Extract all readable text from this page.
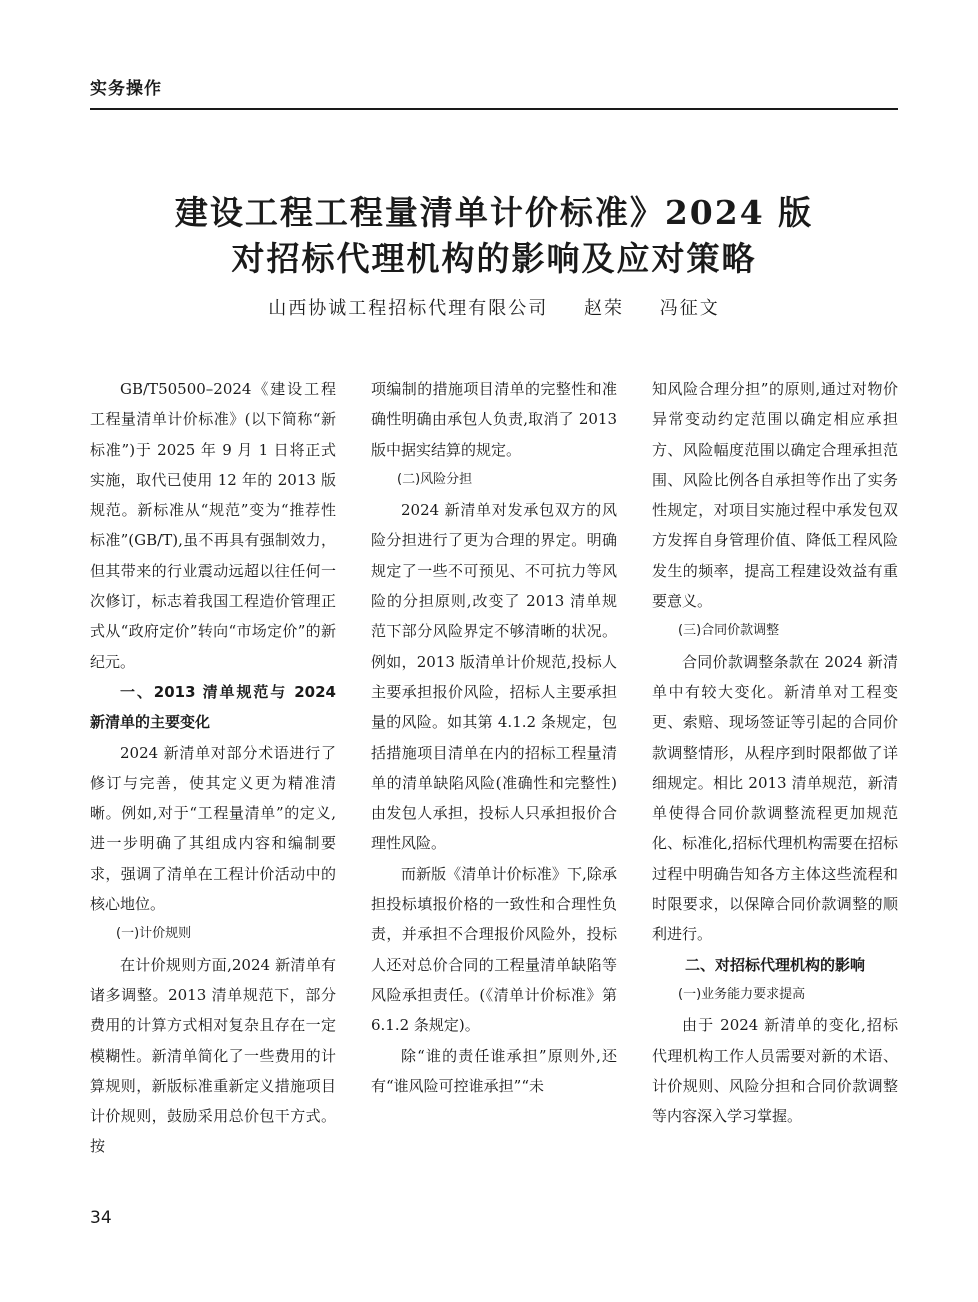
实务操作
建设工程工程量清单计价标准》2024 版
对招标代理机构的影响及应对策略
山西协诚工程招标代理有限公司 赵荣 冯征文

GB/T50500–2024《建设工程工程量清单计价标准》(以下简称“新标准”)于 2025 年 9 月 1 日将正式实施，取代已使用 12 年的 2013 版规范。新标准从“规范”变为“推荐性标准”(GB/T),虽不再具有强制效力，但其带来的行业震动远超以往任何一次修订，标志着我国工程造价管理正式从“政府定价”转向“市场定价”的新纪元。

一、2013 清单规范与 2024 新清单的主要变化

2024 新清单对部分术语进行了修订与完善，使其定义更为精准清晰。例如,对于“工程量清单”的定义,进一步明确了其组成内容和编制要求，强调了清单在工程计价活动中的核心地位。

(一)计价规则

在计价规则方面,2024 新清单有诸多调整。2013 清单规范下，部分费用的计算方式相对复杂且存在一定模糊性。新清单简化了一些费用的计算规则，新版标准重新定义措施项目计价规则，鼓励采用总价包干方式。按

项编制的措施项目清单的完整性和准确性明确由承包人负责,取消了 2013 版中据实结算的规定。

(二)风险分担

2024 新清单对发承包双方的风险分担进行了更为合理的界定。明确规定了一些不可预见、不可抗力等风险的分担原则,改变了 2013 清单规范下部分风险界定不够清晰的状况。例如，2013 版清单计价规范,投标人主要承担报价风险，招标人主要承担量的风险。如其第 4.1.2 条规定，包括措施项目清单在内的招标工程量清单的清单缺陷风险(准确性和完整性)由发包人承担，投标人只承担报价合理性风险。

而新版《清单计价标准》下,除承担投标填报价格的一致性和合理性负责，并承担不合理报价风险外，投标人还对总价合同的工程量清单缺陷等风险承担责任。(《清单计价标准》第 6.1.2 条规定)。

除“谁的责任谁承担”原则外,还有“谁风险可控谁承担”“未

知风险合理分担”的原则,通过对物价异常变动约定范围以确定相应承担方、风险幅度范围以确定合理承担范围、风险比例各自承担等作出了实务性规定，对项目实施过程中承发包双方发挥自身管理价值、降低工程风险发生的频率，提高工程建设效益有重要意义。

(三)合同价款调整

合同价款调整条款在 2024 新清单中有较大变化。新清单对工程变更、索赔、现场签证等引起的合同价款调整情形，从程序到时限都做了详细规定。相比 2013 清单规范，新清单使得合同价款调整流程更加规范化、标准化,招标代理机构需要在招标过程中明确告知各方主体这些流程和时限要求，以保障合同价款调整的顺利进行。

二、对招标代理机构的影响
(一)业务能力要求提高

由于 2024 新清单的变化,招标代理机构工作人员需要对新的术语、计价规则、风险分担和合同价款调整等内容深入学习掌握。

34
